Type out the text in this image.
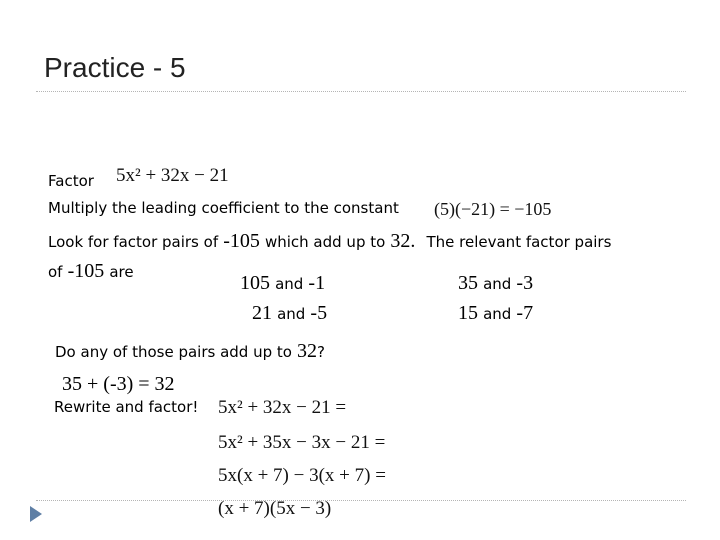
Practice - 5
Factor 5x² + 32x − 21
Multiply the leading coefficient to the constant (5)(−21) = −105
Look for factor pairs of -105 which add up to 32. The relevant factor pairs
of -105 are	105 and -1
21 and -5
35 and -3
15 and -7
Do any of those pairs add up to 32?
35 + (-3) = 32
Rewrite and factor! 5x² + 32x − 21 =
5x² + 35x − 3x − 21 =
5x(x + 7) − 3(x + 7) =
(x + 7)(5x − 3)
